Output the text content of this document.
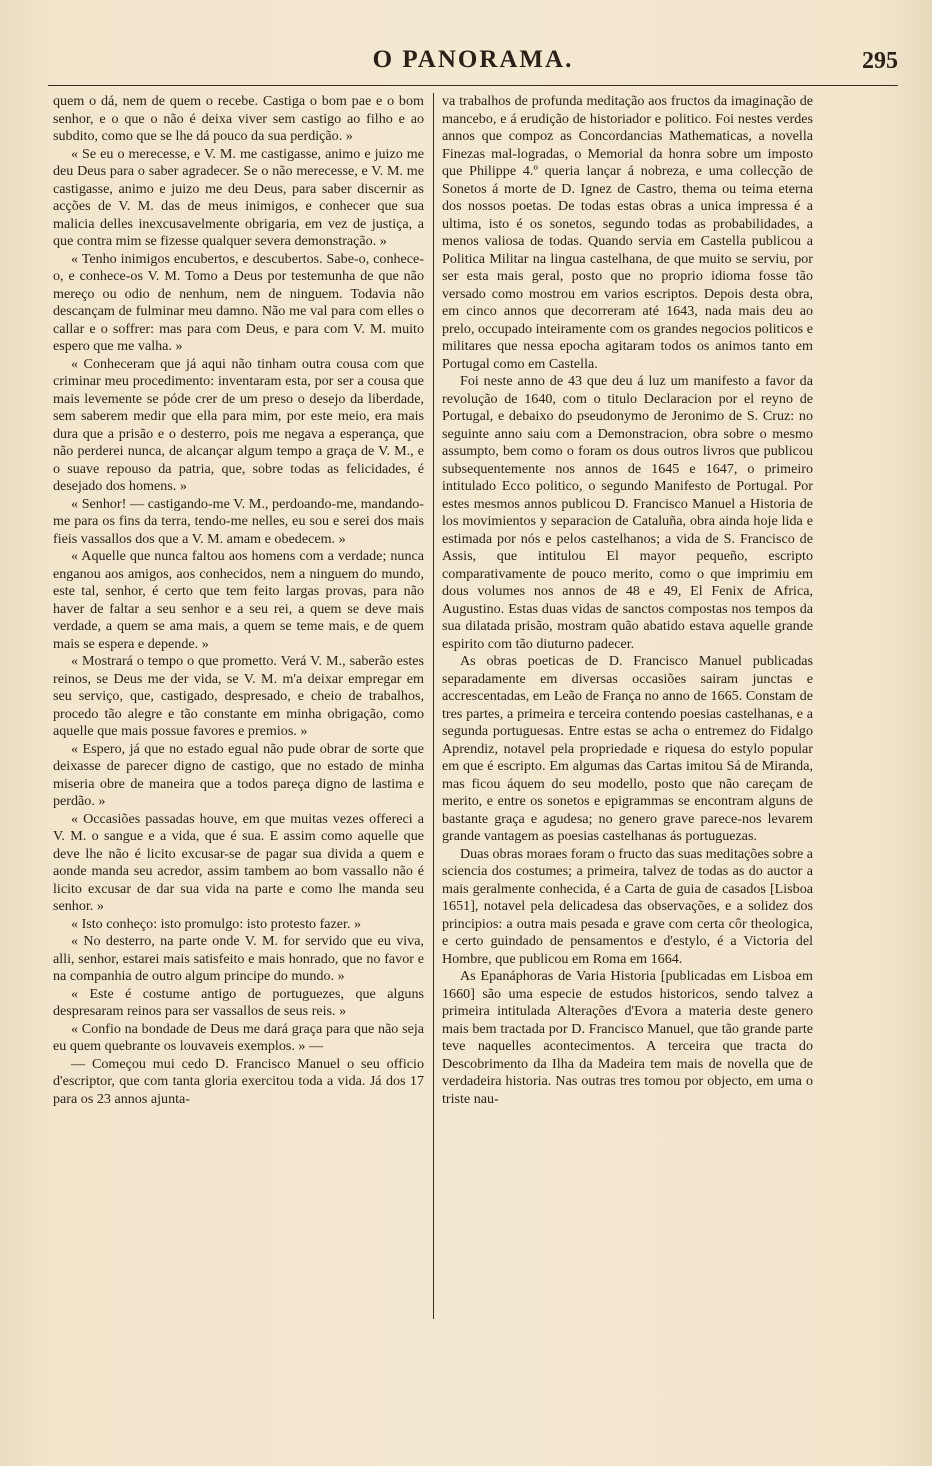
O PANORAMA.	295

quem o dá, nem de quem o recebe. Castiga o bom pae e o bom senhor, e o que o não é deixa viver sem castigo ao filho e ao subdito, como que se lhe dá pouco da sua perdição. »

« Se eu o merecesse, e V. M. me castigasse, animo e juizo me deu Deus para o saber agradecer. Se o não merecesse, e V. M. me castigasse, animo e juizo me deu Deus, para saber discernir as acções de V. M. das de meus inimigos, e conhecer que sua malicia delles inexcusavelmente obrigaria, em vez de justiça, a que contra mim se fizesse qualquer severa demonstração. »

« Tenho inimigos encubertos, e descubertos. Sabe-o, conhece-o, e conhece-os V. M. Tomo a Deus por testemunha de que não mereço ou odio de nenhum, nem de ninguem. Todavia não descançam de fulminar meu damno. Não me val para com elles o callar e o soffrer: mas para com Deus, e para com V. M. muito espero que me valha. »

« Conheceram que já aqui não tinham outra cousa com que criminar meu procedimento: inventaram esta, por ser a cousa que mais levemente se póde crer de um preso o desejo da liberdade, sem saberem medir que ella para mim, por este meio, era mais dura que a prisão e o desterro, pois me negava a esperança, que não perderei nunca, de alcançar algum tempo a graça de V. M., e o suave repouso da patria, que, sobre todas as felicidades, é desejado dos homens. »

« Senhor! — castigando-me V. M., perdoando-me, mandando-me para os fins da terra, tendo-me nelles, eu sou e serei dos mais fieis vassallos dos que a V. M. amam e obedecem. »

« Aquelle que nunca faltou aos homens com a verdade; nunca enganou aos amigos, aos conhecidos, nem a ninguem do mundo, este tal, senhor, é certo que tem feito largas provas, para não haver de faltar a seu senhor e a seu rei, a quem se deve mais verdade, a quem se ama mais, a quem se teme mais, e de quem mais se espera e depende. »

« Mostrará o tempo o que prometto. Verá V. M., saberão estes reinos, se Deus me der vida, se V. M. m'a deixar empregar em seu serviço, que, castigado, despresado, e cheio de trabalhos, procedo tão alegre e tão constante em minha obrigação, como aquelle que mais possue favores e premios. »

« Espero, já que no estado egual não pude obrar de sorte que deixasse de parecer digno de castigo, que no estado de minha miseria obre de maneira que a todos pareça digno de lastima e perdão. »

« Occasiões passadas houve, em que muitas vezes offereci a V. M. o sangue e a vida, que é sua. E assim como aquelle que deve lhe não é licito excusar-se de pagar sua divida a quem e aonde manda seu acredor, assim tambem ao bom vassallo não é licito excusar de dar sua vida na parte e como lhe manda seu senhor. »

« Isto conheço: isto promulgo: isto protesto fazer. »

« No desterro, na parte onde V. M. for servido que eu viva, alli, senhor, estarei mais satisfeito e mais honrado, que no favor e na companhia de outro algum principe do mundo. »

« Este é costume antigo de portuguezes, que alguns despresaram reinos para ser vassallos de seus reis. »

« Confio na bondade de Deus me dará graça para que não seja eu quem quebrante os louvaveis exemplos. » —

— Começou mui cedo D. Francisco Manuel o seu officio d'escriptor, que com tanta gloria exercitou toda a vida. Já dos 17 para os 23 annos ajunta-

va trabalhos de profunda meditação aos fructos da imaginação de mancebo, e á erudição de historiador e politico. Foi nestes verdes annos que compoz as Concordancias Mathematicas, a novella Finezas mal-logradas, o Memorial da honra sobre um imposto que Philippe 4.º queria lançar á nobreza, e uma collecção de Sonetos á morte de D. Ignez de Castro, thema ou teima eterna dos nossos poetas. De todas estas obras a unica impressa é a ultima, isto é os sonetos, segundo todas as probabilidades, a menos valiosa de todas. Quando servia em Castella publicou a Politica Militar na lingua castelhana, de que muito se serviu, por ser esta mais geral, posto que no proprio idioma fosse tão versado como mostrou em varios escriptos. Depois desta obra, em cinco annos que decorreram até 1643, nada mais deu ao prelo, occupado inteiramente com os grandes negocios politicos e militares que nessa epocha agitaram todos os animos tanto em Portugal como em Castella.

Foi neste anno de 43 que deu á luz um manifesto a favor da revolução de 1640, com o titulo Declaracion por el reyno de Portugal, e debaixo do pseudonymo de Jeronimo de S. Cruz: no seguinte anno saiu com a Demonstracion, obra sobre o mesmo assumpto, bem como o foram os dous outros livros que publicou subsequentemente nos annos de 1645 e 1647, o primeiro intitulado Ecco politico, o segundo Manifesto de Portugal. Por estes mesmos annos publicou D. Francisco Manuel a Historia de los movimientos y separacion de Cataluña, obra ainda hoje lida e estimada por nós e pelos castelhanos; a vida de S. Francisco de Assis, que intitulou El mayor pequeño, escripto comparativamente de pouco merito, como o que imprimiu em dous volumes nos annos de 48 e 49, El Fenix de Africa, Augustino. Estas duas vidas de sanctos compostas nos tempos da sua dilatada prisão, mostram quão abatido estava aquelle grande espirito com tão diuturno padecer.

As obras poeticas de D. Francisco Manuel publicadas separadamente em diversas occasiões sairam junctas e accrescentadas, em Leão de França no anno de 1665. Constam de tres partes, a primeira e terceira contendo poesias castelhanas, e a segunda portuguesas. Entre estas se acha o entremez do Fidalgo Aprendiz, notavel pela propriedade e riquesa do estylo popular em que é escripto. Em algumas das Cartas imitou Sá de Miranda, mas ficou áquem do seu modello, posto que não careçam de merito, e entre os sonetos e epigrammas se encontram alguns de bastante graça e agudesa; no genero grave parece-nos levarem grande vantagem as poesias castelhanas ás portuguezas.

Duas obras moraes foram o fructo das suas meditações sobre a sciencia dos costumes; a primeira, talvez de todas as do auctor a mais geralmente conhecida, é a Carta de guia de casados [Lisboa 1651], notavel pela delicadesa das observações, e a solidez dos principios: a outra mais pesada e grave com certa côr theologica, e certo guindado de pensamentos e d'estylo, é a Victoria del Hombre, que publicou em Roma em 1664.

As Epanáphoras de Varia Historia [publicadas em Lisboa em 1660] são uma especie de estudos historicos, sendo talvez a primeira intitulada Alterações d'Evora a materia deste genero mais bem tractada por D. Francisco Manuel, que tão grande parte teve naquelles acontecimentos. A terceira que tracta do Descobrimento da Ilha da Madeira tem mais de novella que de verdadeira historia. Nas outras tres tomou por objecto, em uma o triste nau-
